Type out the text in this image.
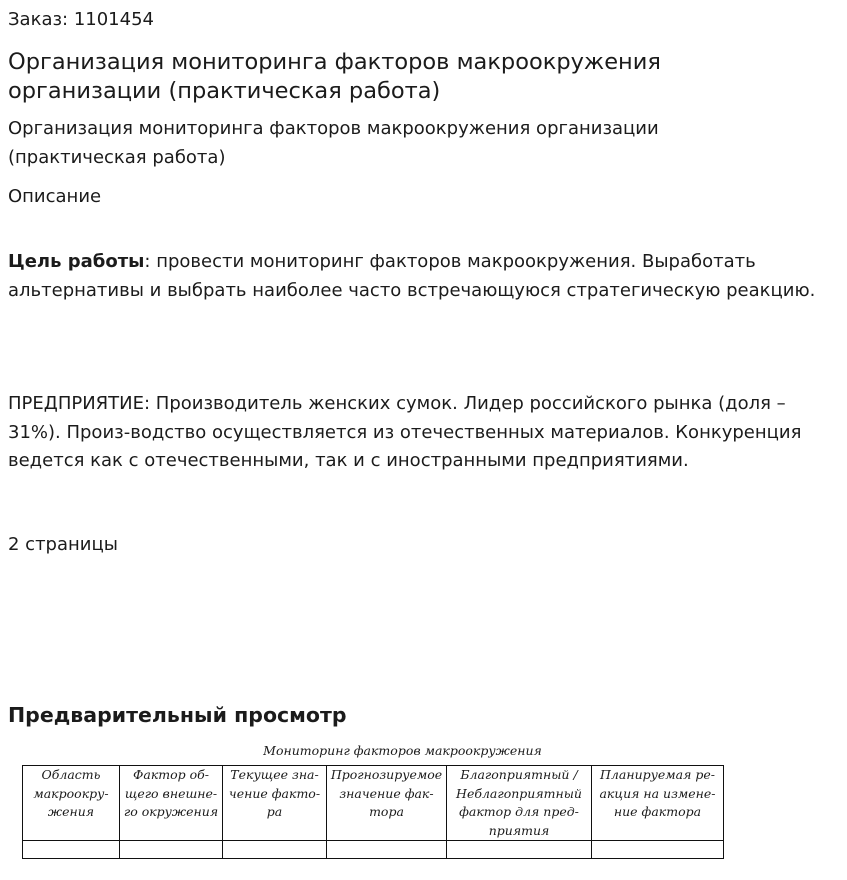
Заказ: 1101454
Организация мониторинга факторов макроокружения организации (практическая работа)
Организация мониторинга факторов макроокружения организации (практическая работа)
Описание
Цель работы: провести мониторинг факторов макроокружения. Выработать альтернативы и выбрать наиболее часто встречающуюся стратегическую реакцию.
ПРЕДПРИЯТИЕ: Производитель женских сумок. Лидер российского рынка (доля – 31%). Произ-водство осуществляется из отечественных материалов. Конкуренция ведется как с отечественными, так и с иностранными предприятиями.
2 страницы
Предварительный просмотр
Мониторинг факторов макроокружения
Область макроокру-жения	Фактор об-щего внешне-го окружения	Текущее зна-чение факто-ра	Прогнозируемое значение фак-тора	Благоприятный / Неблагоприятный фактор для пред-приятия	Планируемая ре-акция на измене-ние фактора
